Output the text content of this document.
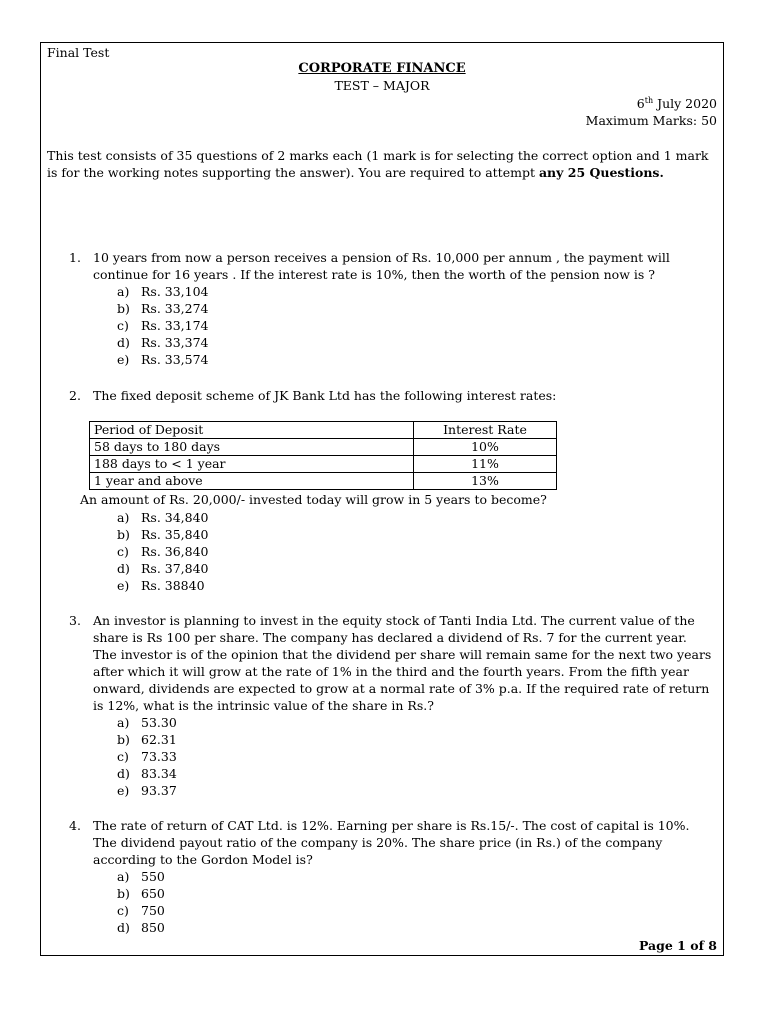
Final Test
CORPORATE FINANCE
TEST – MAJOR
6th July 2020
Maximum Marks: 50
This test consists of 35 questions of 2 marks each (1 mark is for selecting the correct option and 1 mark is for the working notes supporting the answer). You are required to attempt any 25 Questions.
1. 10 years from now a person receives a pension of Rs. 10,000 per annum , the payment will continue for 16 years . If the interest rate is 10%, then the worth of the pension now is ?
a) Rs. 33,104
b) Rs. 33,274
c) Rs. 33,174
d) Rs. 33,374
e) Rs. 33,574
2. The fixed deposit scheme of JK Bank Ltd has the following interest rates:
Period of Deposit	Interest Rate
58 days to 180 days	10%
188 days to < 1 year	11%
1 year and above	13%
An amount of Rs. 20,000/- invested today will grow in 5 years to become?
a) Rs. 34,840
b) Rs. 35,840
c) Rs. 36,840
d) Rs. 37,840
e) Rs. 38840
3. An investor is planning to invest in the equity stock of Tanti India Ltd. The current value of the share is Rs 100 per share. The company has declared a dividend of Rs. 7 for the current year. The investor is of the opinion that the dividend per share will remain same for the next two years after which it will grow at the rate of 1% in the third and the fourth years. From the fifth year onward, dividends are expected to grow at a normal rate of 3% p.a. If the required rate of return is 12%, what is the intrinsic value of the share in Rs.?
a) 53.30
b) 62.31
c) 73.33
d) 83.34
e) 93.37
4. The rate of return of CAT Ltd. is 12%. Earning per share is Rs.15/-. The cost of capital is 10%. The dividend payout ratio of the company is 20%. The share price (in Rs.) of the company according to the Gordon Model is?
a) 550
b) 650
c) 750
d) 850
Page 1 of 8
